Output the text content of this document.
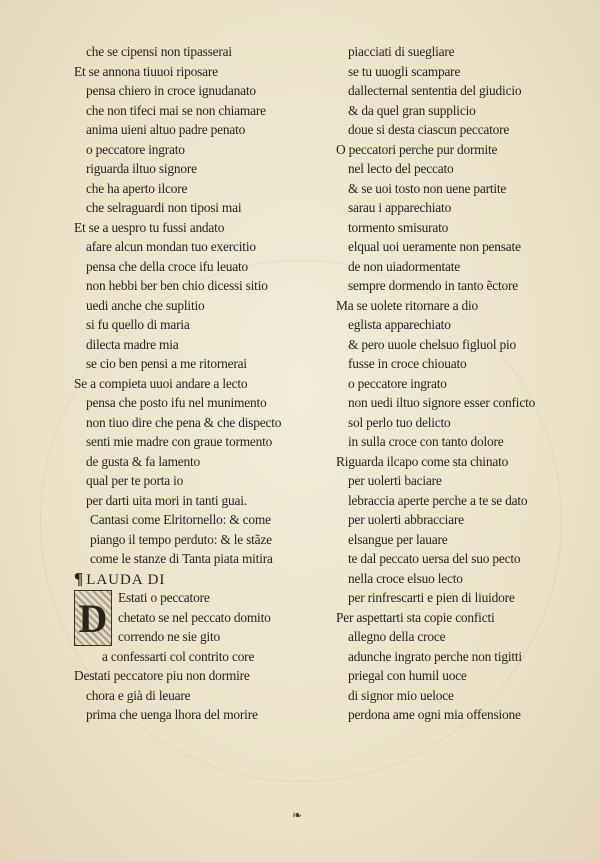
che se cipensi non tipasserai
Et se annona tiuuoi riposare
pensa chiero in croce ignudanato
che non tifeci mai se non chiamare
anima uieni altuo padre penato
o peccatore ingrato
riguarda iltuo signore
che ha aperto ilcore
che selraguardi non tiposi mai
Et se a uespro tu fussi andato
afare alcun mondan tuo exercitio
pensa che della croce ifu leuato
non hebbi ber ben chio dicessi sitio
uedi anche che suplitio
si fu quello di maria
dilecta madre mia
se cio ben pensi a me ritornerai
Se a compieta uuoi andare a lecto
pensa che posto ifu nel munimento
non tiuo dire che pena & che dispecto
senti mie madre con graue tormento
de gusta & fa lamento
qual per te porta io
per darti uita mori in tanti guai.
Cantasi come Elritornello: & come
piango il tempo perduto: & le stãze
come le stanze di Tanta piata mitira
¶ LAUDA DI
D Estati o peccatore
chetato se nel peccato domito
correndo ne sie gito
a confessarti col contrito core
Destati peccatore piu non dormire
chora e già di leuare
prima che uenga lhora del morire
piacciati di suegliare
se tu uuogli scampare
dallecternal sententia del giudicio
& da quel gran supplicio
doue si desta ciascun peccatore
O peccatori perche pur dormite
nel lecto del peccato
& se uoi tosto non uene partite
sarau i apparechiato
tormento smisurato
elqual uoi ueramente non pensate
de non uiadormentate
sempre dormendo in tanto ẽctore
Ma se uolete ritornare a dio
eglista apparechiato
& pero uuole chelsuo figluol pio
fusse in croce chiouato
o peccatore ingrato
non uedi iltuo signore esser conficto
sol perlo tuo delicto
in sulla croce con tanto dolore
Riguarda ilcapo come sta chinato
per uolerti baciare
lebraccia aperte perche a te se dato
per uolerti abbracciare
elsangue per lauare
te dal peccato uersa del suo pecto
nella croce elsuo lecto
per rinfrescarti e pien di liuidore
Per aspettarti sta copie conficti
allegno della croce
adunche ingrato perche non tigitti
priegal con humil uoce
di signor mio ueloce
perdona ame ogni mia offensione
❧
